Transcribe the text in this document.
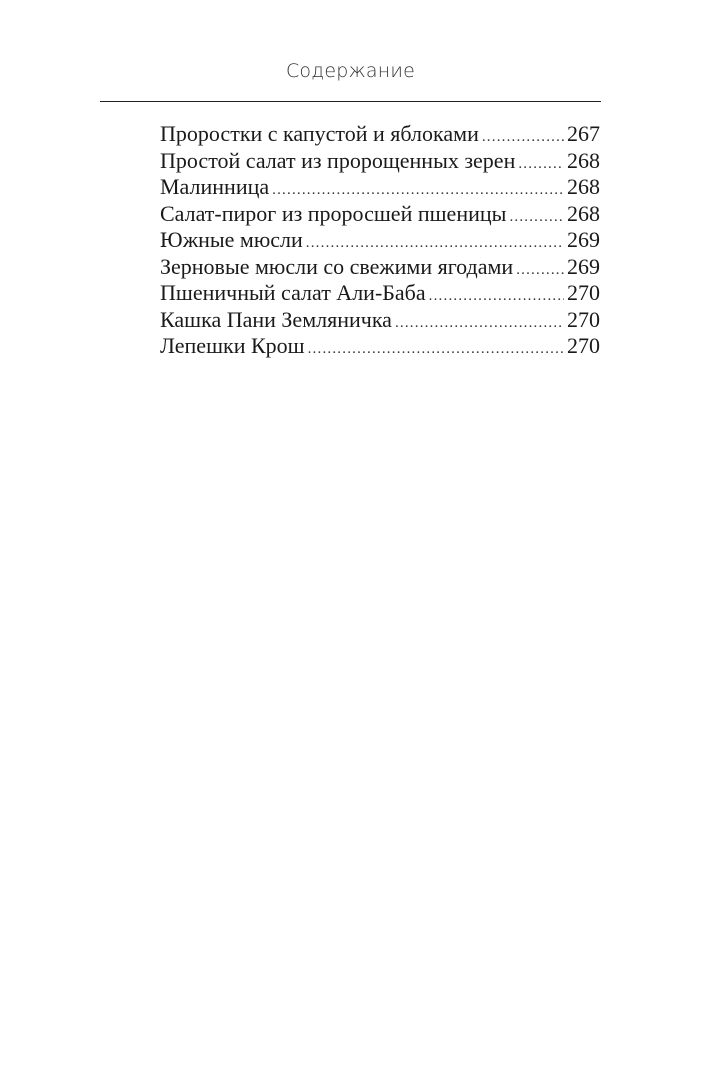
Содержание
Проростки с капустой и яблоками .....	267
Простой салат из пророщенных зерен ..... 268
Малинница .....	268
Салат-пирог из проросшей пшеницы .....	268
Южные мюсли .....	269
Зерновые мюсли со свежими ягодами ..... 269
Пшеничный салат Али-Баба .....	270
Кашка Пани Земляничка .....	270
Лепешки Крош .....	270
